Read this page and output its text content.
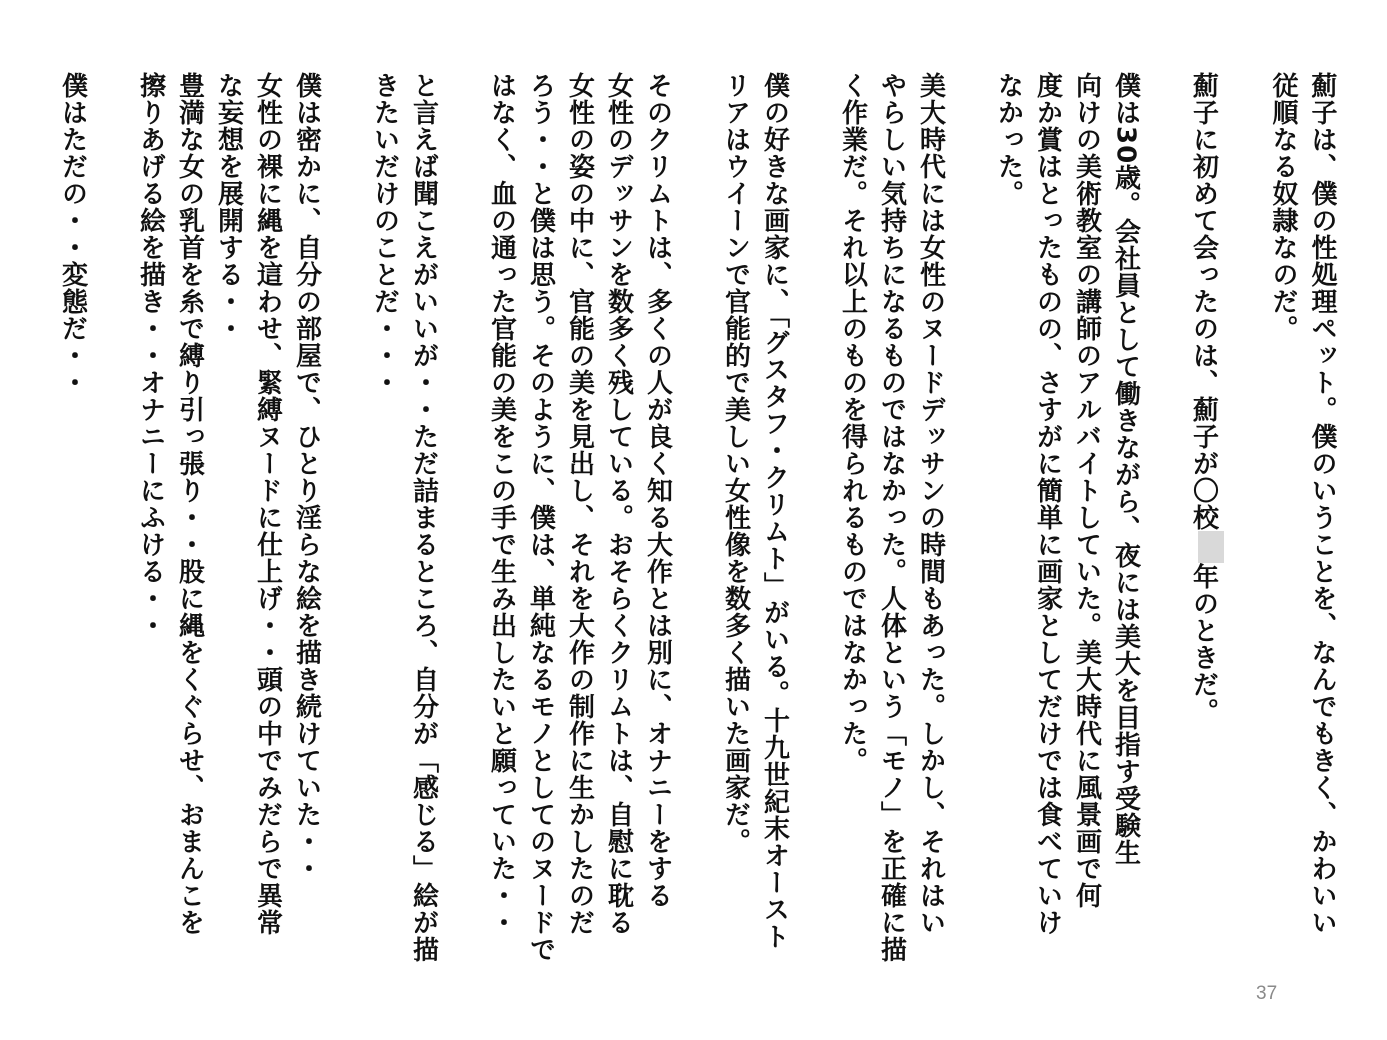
薊子は、僕の性処理ペット。僕のいうことを、なんでもきく、かわいい
従順なる奴隷なのだ。
薊子に初めて会ったのは、薊子が〇校年のときだ。
僕は30歳。会社員として働きながら、夜には美大を目指す受験生
向けの美術教室の講師のアルバイトしていた。美大時代に風景画で何
度か賞はとったものの、さすがに簡単に画家としてだけでは食べていけ
なかった。
美大時代には女性のヌードデッサンの時間もあった。しかし、それはい
やらしい気持ちになるものではなかった。人体という「モノ」を正確に描
く作業だ。それ以上のものを得られるものではなかった。
僕の好きな画家に、「グスタフ・クリムト」がいる。十九世紀末オースト
リアはウイーンで官能的で美しい女性像を数多く描いた画家だ。
そのクリムトは、多くの人が良く知る大作とは別に、オナニーをする
女性のデッサンを数多く残している。おそらくクリムトは、自慰に耽る
女性の姿の中に、官能の美を見出し、それを大作の制作に生かしたのだ
ろう・・と僕は思う。そのように、僕は、単純なるモノとしてのヌードで
はなく、血の通った官能の美をこの手で生み出したいと願っていた・・
と言えば聞こえがいいが・・ただ詰まるところ、自分が「感じる」絵が描
きたいだけのことだ・・・
僕は密かに、自分の部屋で、ひとり淫らな絵を描き続けていた・・
女性の裸に縄を這わせ、緊縛ヌードに仕上げ・・頭の中でみだらで異常
な妄想を展開する・・
豊満な女の乳首を糸で縛り引っ張り・・股に縄をくぐらせ、おまんこを
擦りあげる絵を描き・・オナニーにふける・・
僕はただの・・変態だ・・
37
